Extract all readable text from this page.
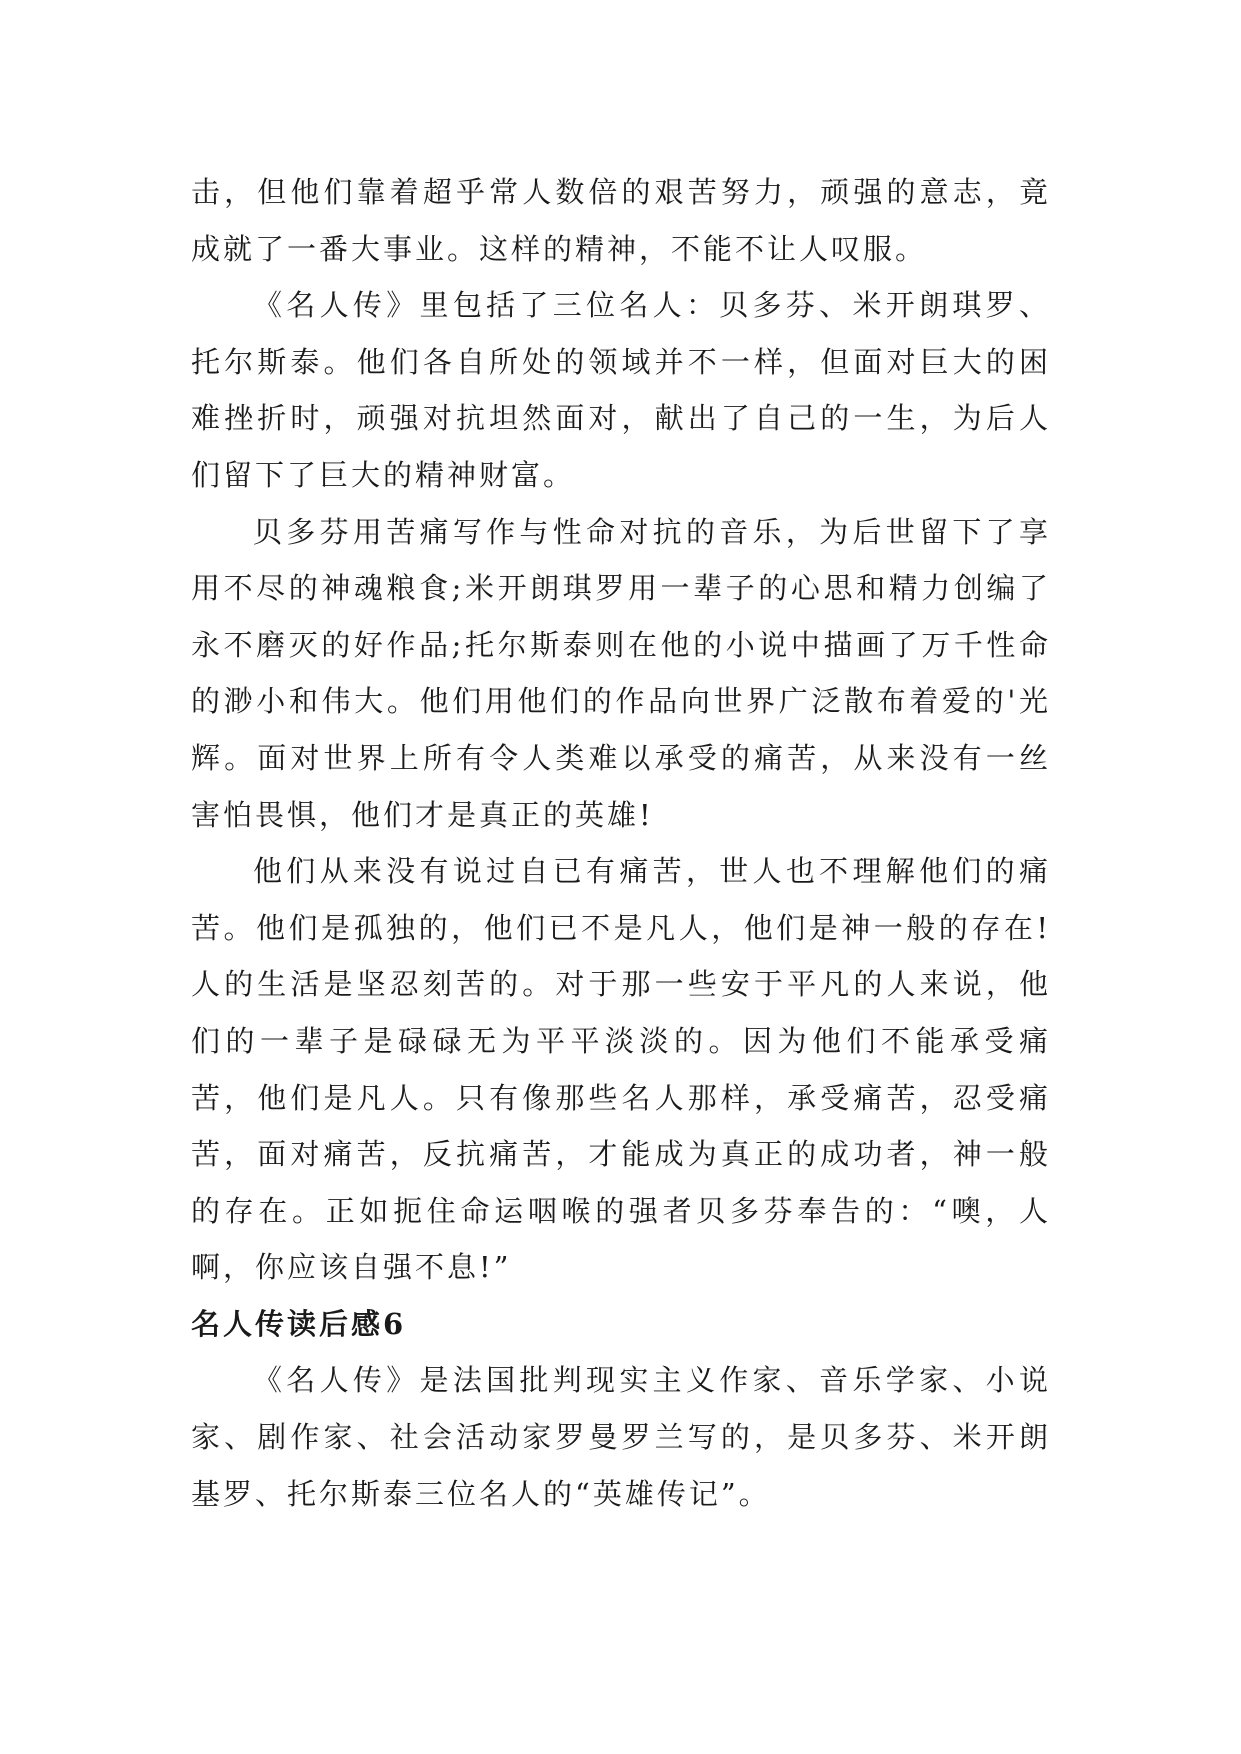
击，但他们靠着超乎常人数倍的艰苦努力，顽强的意志，竟成就了一番大事业。这样的精神，不能不让人叹服。

《名人传》里包括了三位名人：贝多芬、米开朗琪罗、托尔斯泰。他们各自所处的领域并不一样，但面对巨大的困难挫折时，顽强对抗坦然面对，献出了自己的一生，为后人们留下了巨大的精神财富。

贝多芬用苦痛写作与性命对抗的音乐，为后世留下了享用不尽的神魂粮食;米开朗琪罗用一辈子的心思和精力创编了永不磨灭的好作品;托尔斯泰则在他的小说中描画了万千性命的渺小和伟大。他们用他们的作品向世界广泛散布着爱的'光辉。面对世界上所有令人类难以承受的痛苦，从来没有一丝害怕畏惧，他们才是真正的英雄!

他们从来没有说过自已有痛苦，世人也不理解他们的痛苦。他们是孤独的，他们已不是凡人，他们是神一般的存在!人的生活是坚忍刻苦的。对于那一些安于平凡的人来说，他们的一辈子是碌碌无为平平淡淡的。因为他们不能承受痛苦，他们是凡人。只有像那些名人那样，承受痛苦，忍受痛苦，面对痛苦，反抗痛苦，才能成为真正的成功者，神一般的存在。正如扼住命运咽喉的强者贝多芬奉告的：“噢，人啊，你应该自强不息!”

名人传读后感6

《名人传》是法国批判现实主义作家、音乐学家、小说家、剧作家、社会活动家罗曼罗兰写的，是贝多芬、米开朗基罗、托尔斯泰三位名人的“英雄传记”。
